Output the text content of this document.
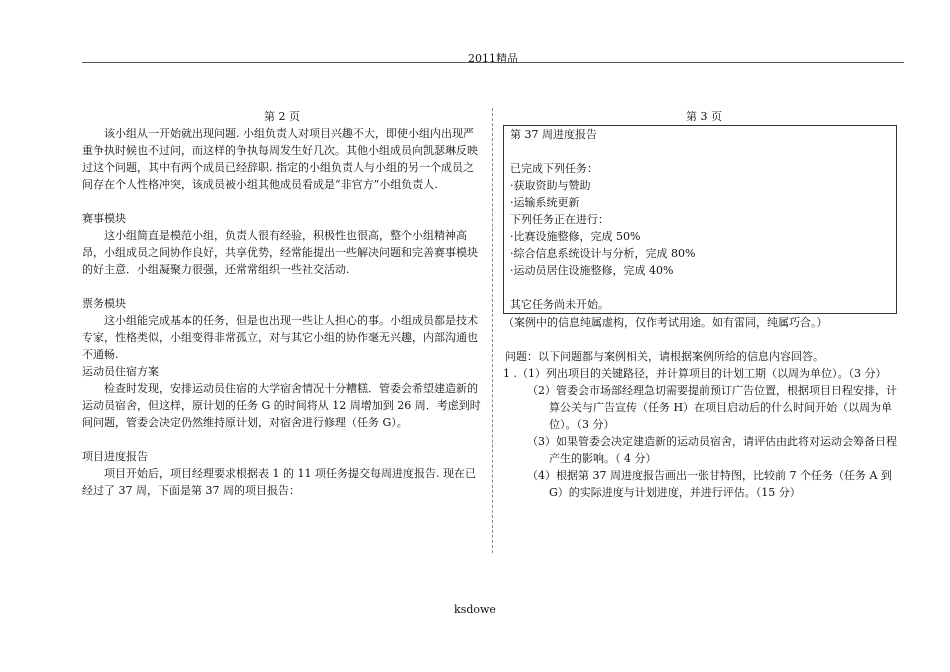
2011精品
第 2 页

该小组从一开始就出现问题. 小组负责人对项目兴趣不大，即使小组内出现严重争执时候也不过问，而这样的争执每周发生好几次。其他小组成员向凯瑟琳反映过这个问题，其中有两个成员已经辞职. 指定的小组负责人与小组的另一个成员之间存在个人性格冲突，该成员被小组其他成员看成是“非官方”小组负责人.

赛事模块

这小组简直是模范小组，负责人很有经验，积极性也很高，整个小组精神高昂，小组成员之间协作良好，共享优势，经常能提出一些解决问题和完善赛事模块的好主意．小组凝聚力很强，还常常组织一些社交活动.

票务模块

这小组能完成基本的任务，但是也出现一些让人担心的事。小组成员都是技术专家，性格类似，小组变得非常孤立，对与其它小组的协作毫无兴趣，内部沟通也不通畅.

运动员住宿方案

检查时发现，安排运动员住宿的大学宿舍情况十分糟糕．管委会希望建造新的运动员宿舍，但这样，原计划的任务 G 的时间将从 12 周增加到 26 周．考虑到时间问题，管委会决定仍然维持原计划，对宿舍进行修理（任务 G）。

项目进度报告

项目开始后，项目经理要求根据表 1 的 11 项任务提交每周进度报告. 现在已经过了 37 周，下面是第 37 周的项目报告：

第 3 页

第 37 周进度报告

已完成下列任务：

·获取资助与赞助

·运输系统更新

下列任务正在进行：

·比赛设施整修，完成 50%

·综合信息系统设计与分析，完成 80%

·运动员居住设施整修，完成 40%

其它任务尚未开始。

（案例中的信息纯属虚构，仅作考试用途。如有雷同，纯属巧合。）

问题：以下问题都与案例相关，请根据案例所给的信息内容回答。

1 .（1）列出项目的关键路径，并计算项目的计划工期（以周为单位）。（3 分）

（2）管委会市场部经理急切需要提前预订广告位置，根据项目日程安排，计算公关与广告宣传（任务 H）在项目启动后的什么时间开始（以周为单位）。（3 分）

（3）如果管委会决定建造新的运动员宿舍，请评估由此将对运动会筹备日程产生的影响。（ 4 分）

（4）根据第 37 周进度报告画出一张甘特图，比较前 7 个任务（任务 A 到 G）的实际进度与计划进度，并进行评估。（15 分）

ksdowe
